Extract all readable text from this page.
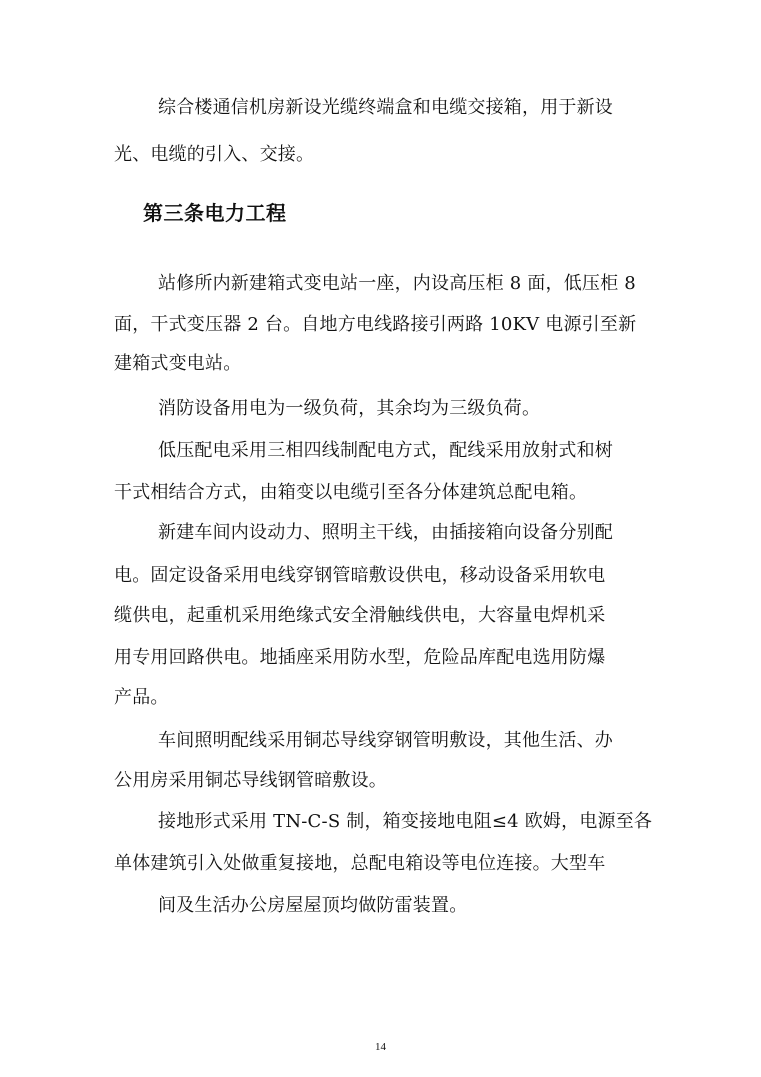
综合楼通信机房新设光缆终端盒和电缆交接箱，用于新设
光、电缆的引入、交接。
第三条电力工程
站修所内新建箱式变电站一座，内设高压柜 8 面，低压柜 8
面，干式变压器 2 台。自地方电线路接引两路 10KV 电源引至新
建箱式变电站。
消防设备用电为一级负荷，其余均为三级负荷。
低压配电采用三相四线制配电方式，配线采用放射式和树
干式相结合方式，由箱变以电缆引至各分体建筑总配电箱。
新建车间内设动力、照明主干线，由插接箱向设备分别配
电。固定设备采用电线穿钢管暗敷设供电，移动设备采用软电
缆供电，起重机采用绝缘式安全滑触线供电，大容量电焊机采
用专用回路供电。地插座采用防水型，危险品库配电选用防爆
产品。
车间照明配线采用铜芯导线穿钢管明敷设，其他生活、办
公用房采用铜芯导线钢管暗敷设。
接地形式采用 TN-C-S 制，箱变接地电阻≤4 欧姆，电源至各
单体建筑引入处做重复接地，总配电箱设等电位连接。大型车
间及生活办公房屋屋顶均做防雷装置。
14
